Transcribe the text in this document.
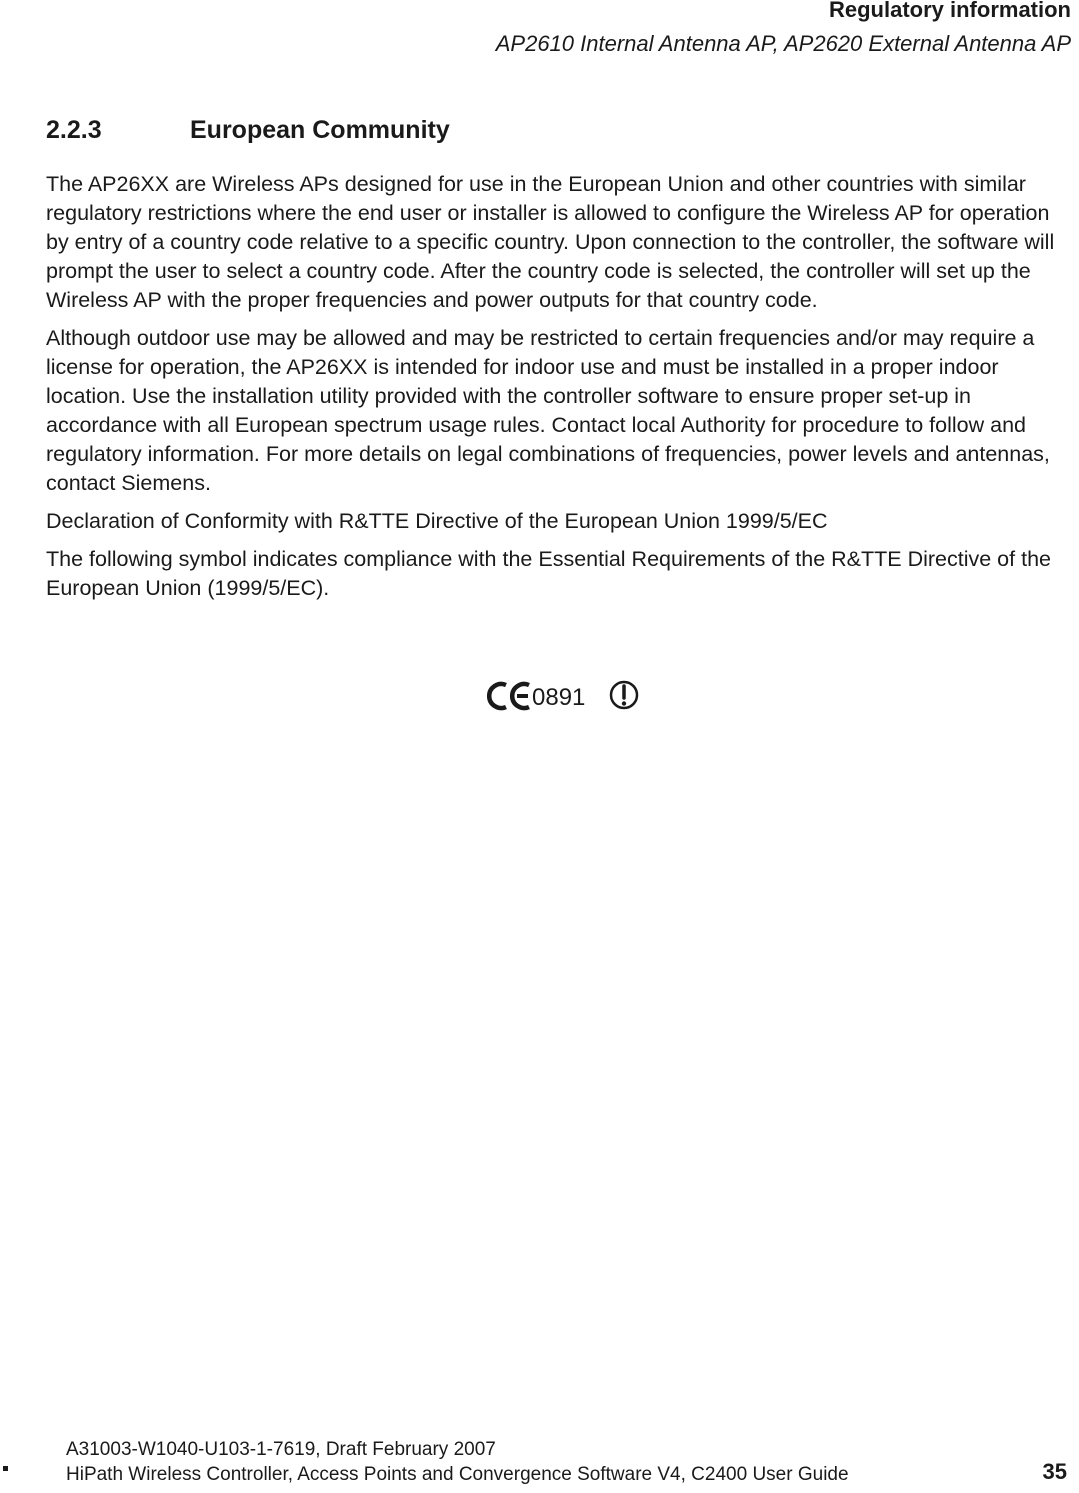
Regulatory information
AP2610 Internal Antenna AP, AP2620 External Antenna AP
2.2.3	European Community

The AP26XX are Wireless APs designed for use in the European Union and other countries with similar regulatory restrictions where the end user or installer is allowed to configure the Wireless AP for operation by entry of a country code relative to a specific country. Upon connection to the controller, the software will prompt the user to select a country code. After the country code is selected, the controller will set up the Wireless AP with the proper frequencies and power outputs for that country code.

Although outdoor use may be allowed and may be restricted to certain frequencies and/or may require a license for operation, the AP26XX is intended for indoor use and must be installed in a proper indoor location. Use the installation utility provided with the controller software to ensure proper set-up in accordance with all European spectrum usage rules. Contact local Authority for procedure to follow and regulatory information. For more details on legal combinations of frequencies, power levels and antennas, contact Siemens.

Declaration of Conformity with R&TTE Directive of the European Union 1999/5/EC

The following symbol indicates compliance with the Essential Requirements of the R&TTE Directive of the European Union (1999/5/EC).

0891
A31003-W1040-U103-1-7619, Draft February 2007
HiPath Wireless Controller, Access Points and Convergence Software V4, C2400 User Guide	35
